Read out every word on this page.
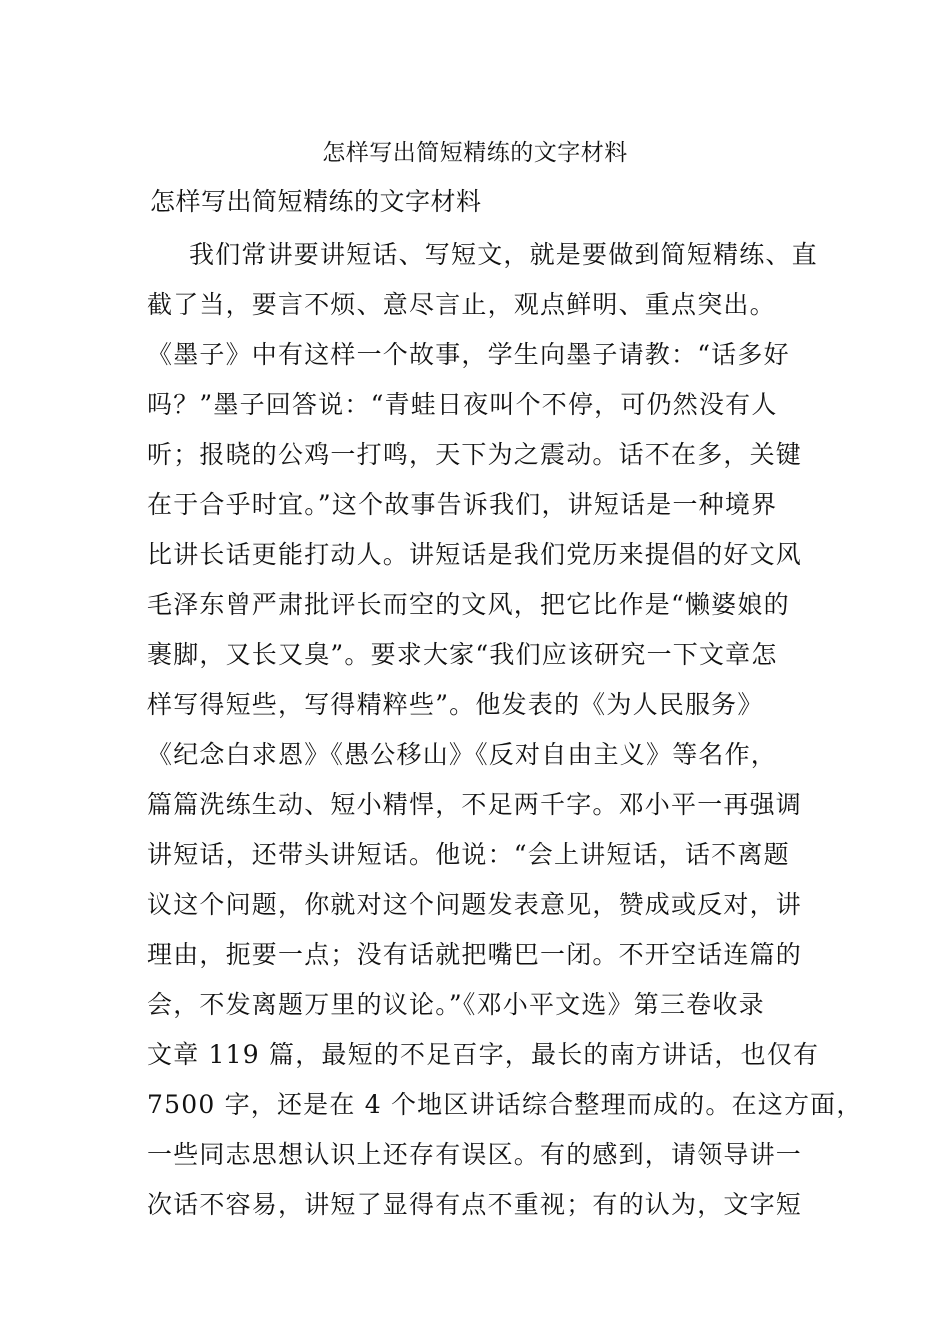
怎样写出简短精练的文字材料
怎样写出简短精练的文字材料
我们常讲要讲短话、写短文，就是要做到简短精练、直
截了当，要言不烦、意尽言止，观点鲜明、重点突出。
《墨子》中有这样一个故事，学生向墨子请教：“话多好
吗？”墨子回答说：“青蛙日夜叫个不停，可仍然没有人
听；报晓的公鸡一打鸣，天下为之震动。话不在多，关键
在于合乎时宜。”这个故事告诉我们，讲短话是一种境界
比讲长话更能打动人。讲短话是我们党历来提倡的好文风
毛泽东曾严肃批评长而空的文风，把它比作是“懒婆娘的
裹脚，又长又臭”。要求大家“我们应该研究一下文章怎
样写得短些，写得精粹些”。他发表的《为人民服务》
《纪念白求恩》《愚公移山》《反对自由主义》等名作，
篇篇洗练生动、短小精悍，不足两千字。邓小平一再强调
讲短话，还带头讲短话。他说：“会上讲短话，话不离题
议这个问题，你就对这个问题发表意见，赞成或反对，讲
理由，扼要一点；没有话就把嘴巴一闭。不开空话连篇的
会，不发离题万里的议论。”《邓小平文选》第三卷收录
文章 119 篇，最短的不足百字，最长的南方讲话，也仅有
7500 字，还是在 4 个地区讲话综合整理而成的。在这方面，
一些同志思想认识上还存有误区。有的感到，请领导讲一
次话不容易，讲短了显得有点不重视；有的认为，文字短
